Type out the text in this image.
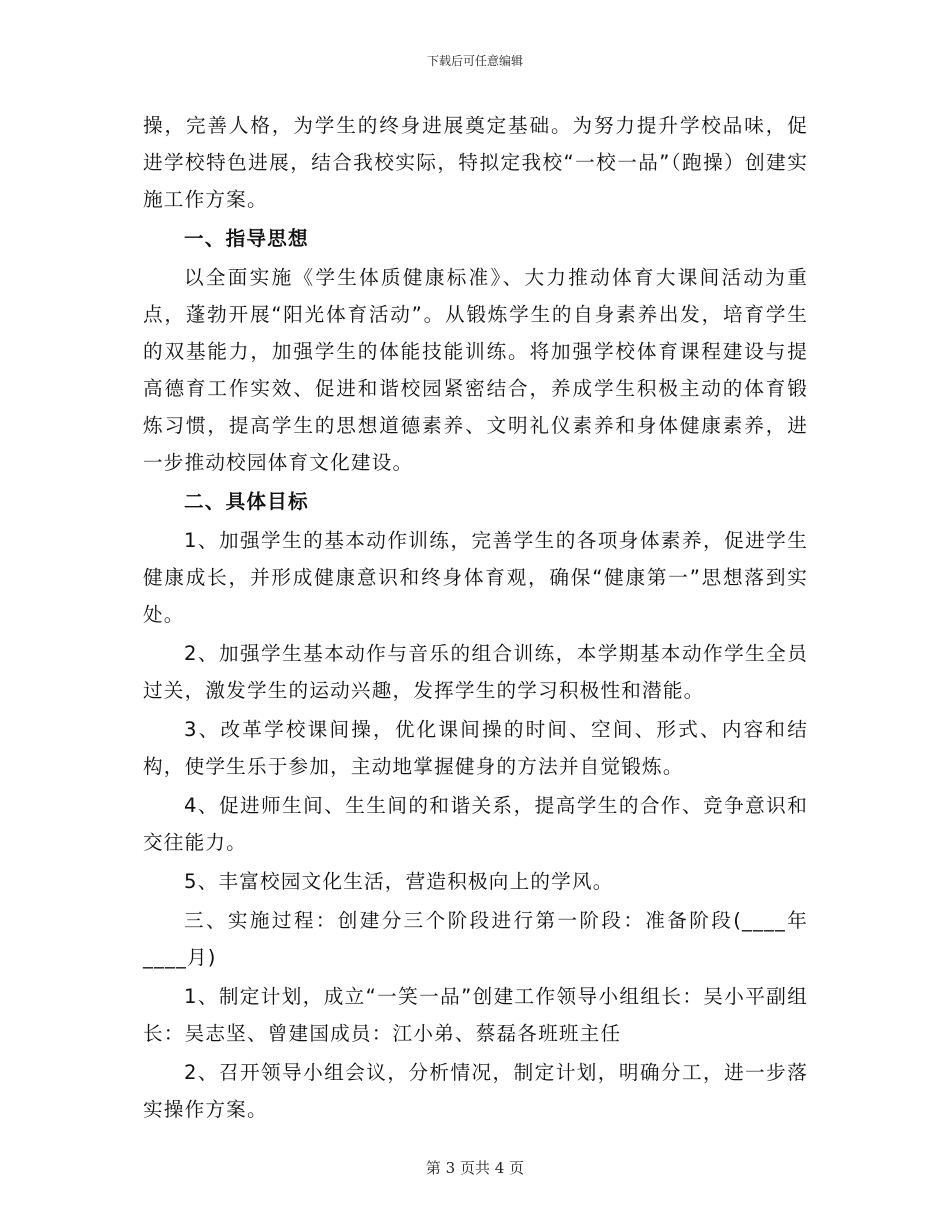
下载后可任意编辑

操，完善人格，为学生的终身进展奠定基础。为努力提升学校品味，促进学校特色进展，结合我校实际，特拟定我校“一校一品”（跑操）创建实施工作方案。

一、指导思想

以全面实施《学生体质健康标准》、大力推动体育大课间活动为重点，蓬勃开展“阳光体育活动”。从锻炼学生的自身素养出发，培育学生的双基能力，加强学生的体能技能训练。将加强学校体育课程建设与提高德育工作实效、促进和谐校园紧密结合，养成学生积极主动的体育锻炼习惯，提高学生的思想道德素养、文明礼仪素养和身体健康素养，进一步推动校园体育文化建设。

二、具体目标

1、加强学生的基本动作训练，完善学生的各项身体素养，促进学生健康成长，并形成健康意识和终身体育观，确保“健康第一”思想落到实处。

2、加强学生基本动作与音乐的组合训练，本学期基本动作学生全员过关，激发学生的运动兴趣，发挥学生的学习积极性和潜能。

3、改革学校课间操，优化课间操的时间、空间、形式、内容和结构，使学生乐于参加，主动地掌握健身的方法并自觉锻炼。

4、促进师生间、生生间的和谐关系，提高学生的合作、竞争意识和交往能力。

5、丰富校园文化生活，营造积极向上的学风。

三、实施过程：创建分三个阶段进行第一阶段：准备阶段(____年____月)

1、制定计划，成立“一笑一品”创建工作领导小组组长：吴小平副组长：吴志坚、曾建国成员：江小弟、蔡磊各班班主任

2、召开领导小组会议，分析情况，制定计划，明确分工，进一步落实操作方案。

第 3 页共 4 页
